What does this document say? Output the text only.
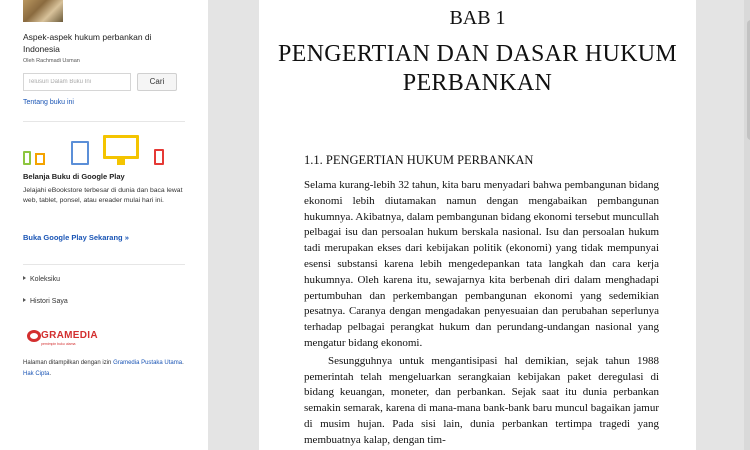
Aspek-aspek hukum perbankan di Indonesia
Oleh Rachmadi Usman
Telusuri Dalam Buku Ini
Cari
Tentang buku ini
Belanja Buku di Google Play
Jelajahi eBookstore terbesar di dunia dan baca lewat web, tablet, ponsel, atau ereader mulai hari ini.
Buka Google Play Sekarang »
Koleksiku
Histori Saya
GRAMEDIA
pemimpin buku utama
Halaman ditampilkan dengan izin Gramedia Pustaka Utama. Hak Cipta.
BAB 1
PENGERTIAN DAN DASAR HUKUM PERBANKAN
1.1. PENGERTIAN HUKUM PERBANKAN

Selama kurang-lebih 32 tahun, kita baru menyadari bahwa pembangunan bidang ekonomi lebih diutamakan namun dengan mengabaikan pembangunan hukumnya. Akibatnya, dalam pembangunan bidang ekonomi tersebut muncullah pelbagai isu dan persoalan hukum berskala nasional. Isu dan persoalan hukum tadi merupakan ekses dari kebijakan politik (ekonomi) yang tidak mempunyai esensi substansi karena lebih mengedepankan tata langkah dan cara kerja hukumnya. Oleh karena itu, sewajarnya kita berbenah diri dalam menghadapi pertumbuhan dan perkembangan pembangunan ekonomi yang sedemikian pesatnya. Caranya dengan mengadakan penyesuaian dan perubahan seperlunya terhadap pelbagai perangkat hukum dan perundang-undangan nasional yang mengatur bidang ekonomi.

Sesungguhnya untuk mengantisipasi hal demikian, sejak tahun 1988 pemerintah telah mengeluarkan serangkaian kebijakan paket deregulasi di bidang keuangan, moneter, dan perbankan. Sejak saat itu dunia perbankan semakin semarak, karena di mana-mana bank-bank baru muncul bagaikan jamur di musim hujan. Pada sisi lain, dunia perbankan tertimpa tragedi yang membuatnya kalap, dengan tim-
